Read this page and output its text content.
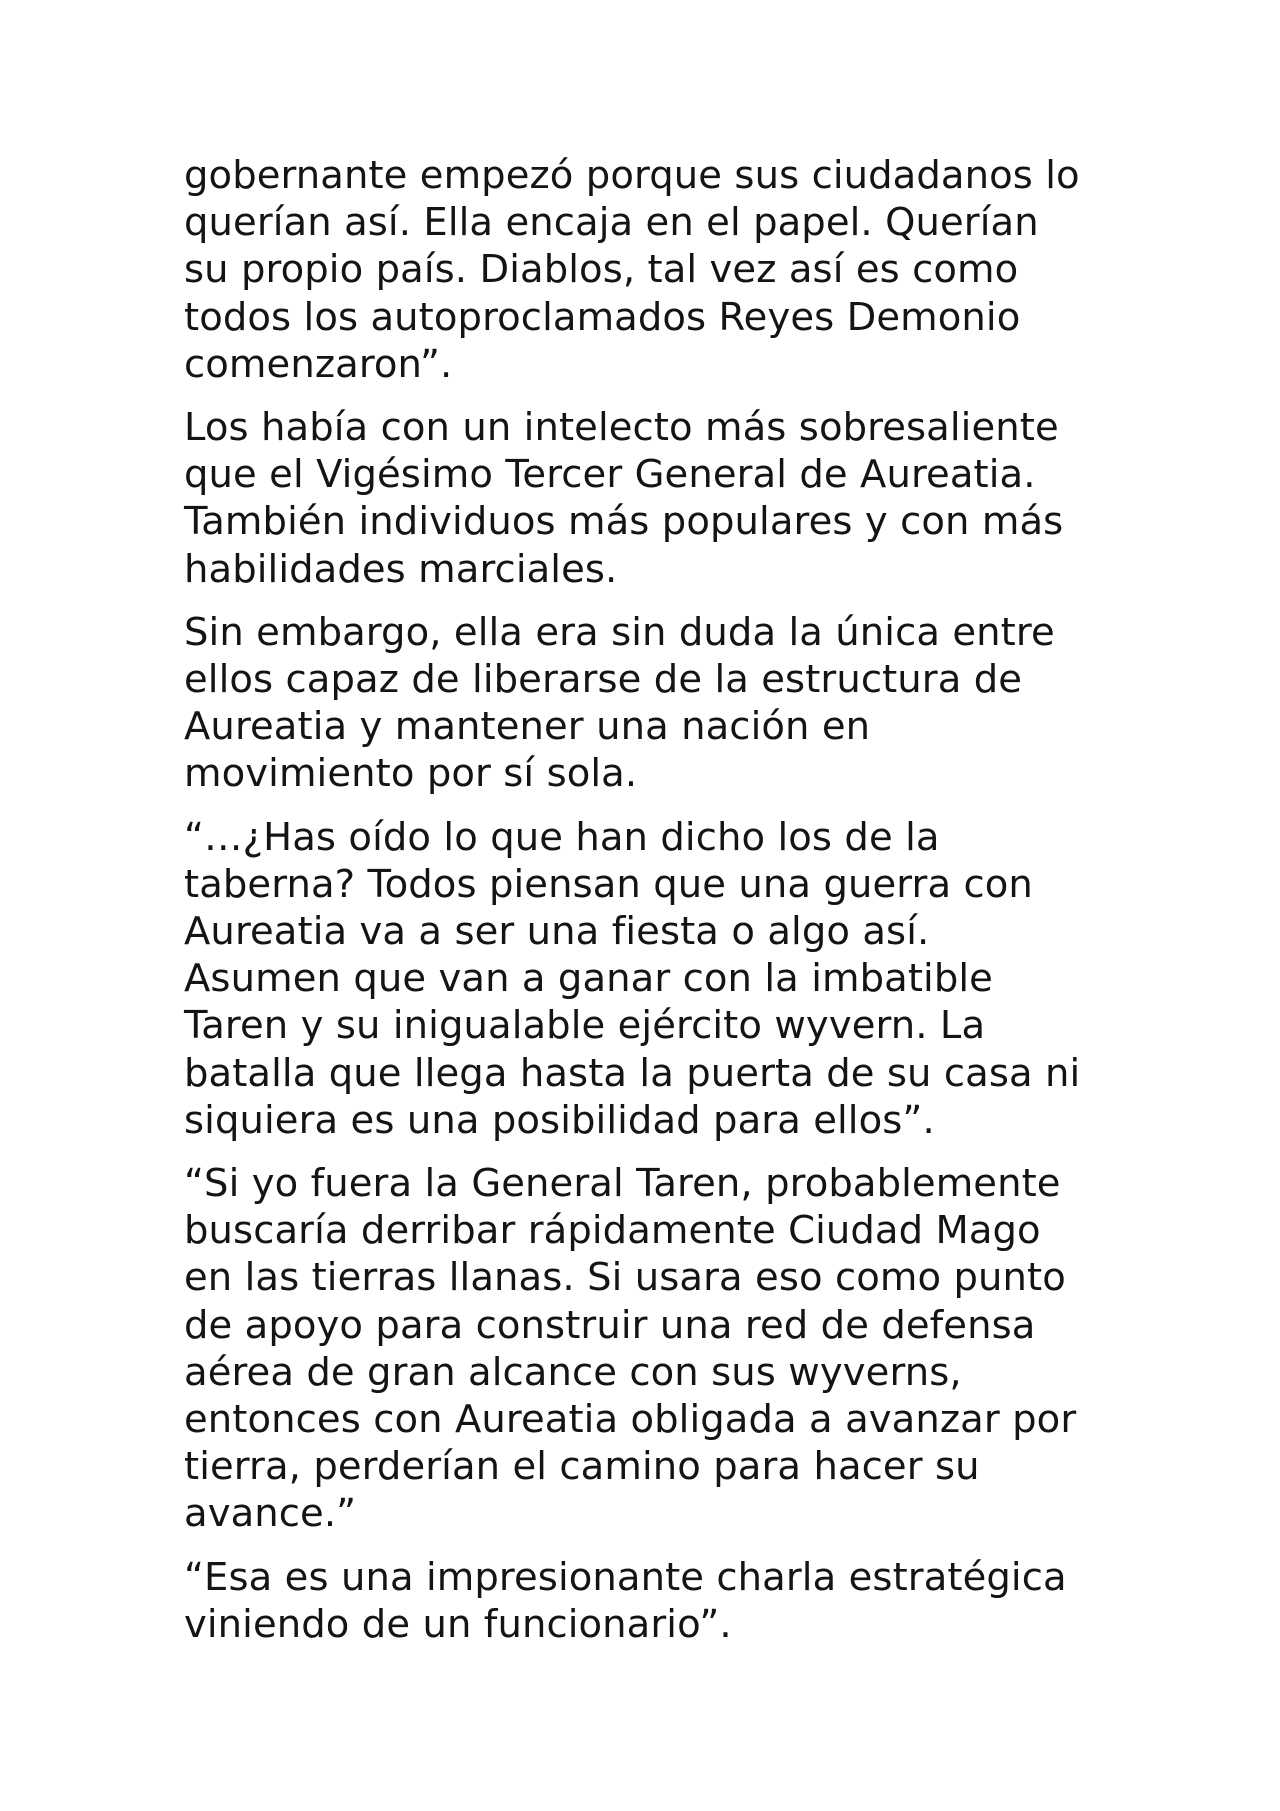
gobernante empezó porque sus ciudadanos lo
querían así. Ella encaja en el papel. Querían
su propio país. Diablos, tal vez así es como
todos los autoproclamados Reyes Demonio
comenzaron”.

Los había con un intelecto más sobresaliente
que el Vigésimo Tercer General de Aureatia.
También individuos más populares y con más
habilidades marciales.

Sin embargo, ella era sin duda la única entre
ellos capaz de liberarse de la estructura de
Aureatia y mantener una nación en
movimiento por sí sola.

“…¿Has oído lo que han dicho los de la
taberna? Todos piensan que una guerra con
Aureatia va a ser una fiesta o algo así.
Asumen que van a ganar con la imbatible
Taren y su inigualable ejército wyvern. La
batalla que llega hasta la puerta de su casa ni
siquiera es una posibilidad para ellos”.

“Si yo fuera la General Taren, probablemente
buscaría derribar rápidamente Ciudad Mago
en las tierras llanas. Si usara eso como punto
de apoyo para construir una red de defensa
aérea de gran alcance con sus wyverns,
entonces con Aureatia obligada a avanzar por
tierra, perderían el camino para hacer su
avance.”

“Esa es una impresionante charla estratégica
viniendo de un funcionario”.
